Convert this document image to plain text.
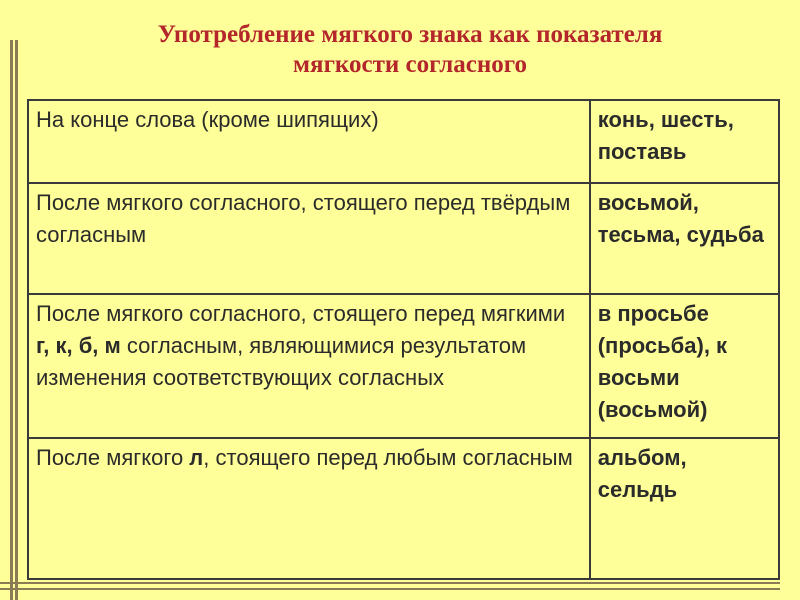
Употребление мягкого знака как показателя
мягкости согласного
На конце слова (кроме шипящих)	конь, шесть, поставь
После мягкого согласного, стоящего перед твёрдым согласным	восьмой, тесьма, судьба
После мягкого согласного, стоящего перед мягкими г, к, б, м согласным, являющимися результатом изменения соответствующих согласных	в просьбе (просьба), к восьми (восьмой)
После мягкого л, стоящего перед любым согласным	альбом, сельдь
